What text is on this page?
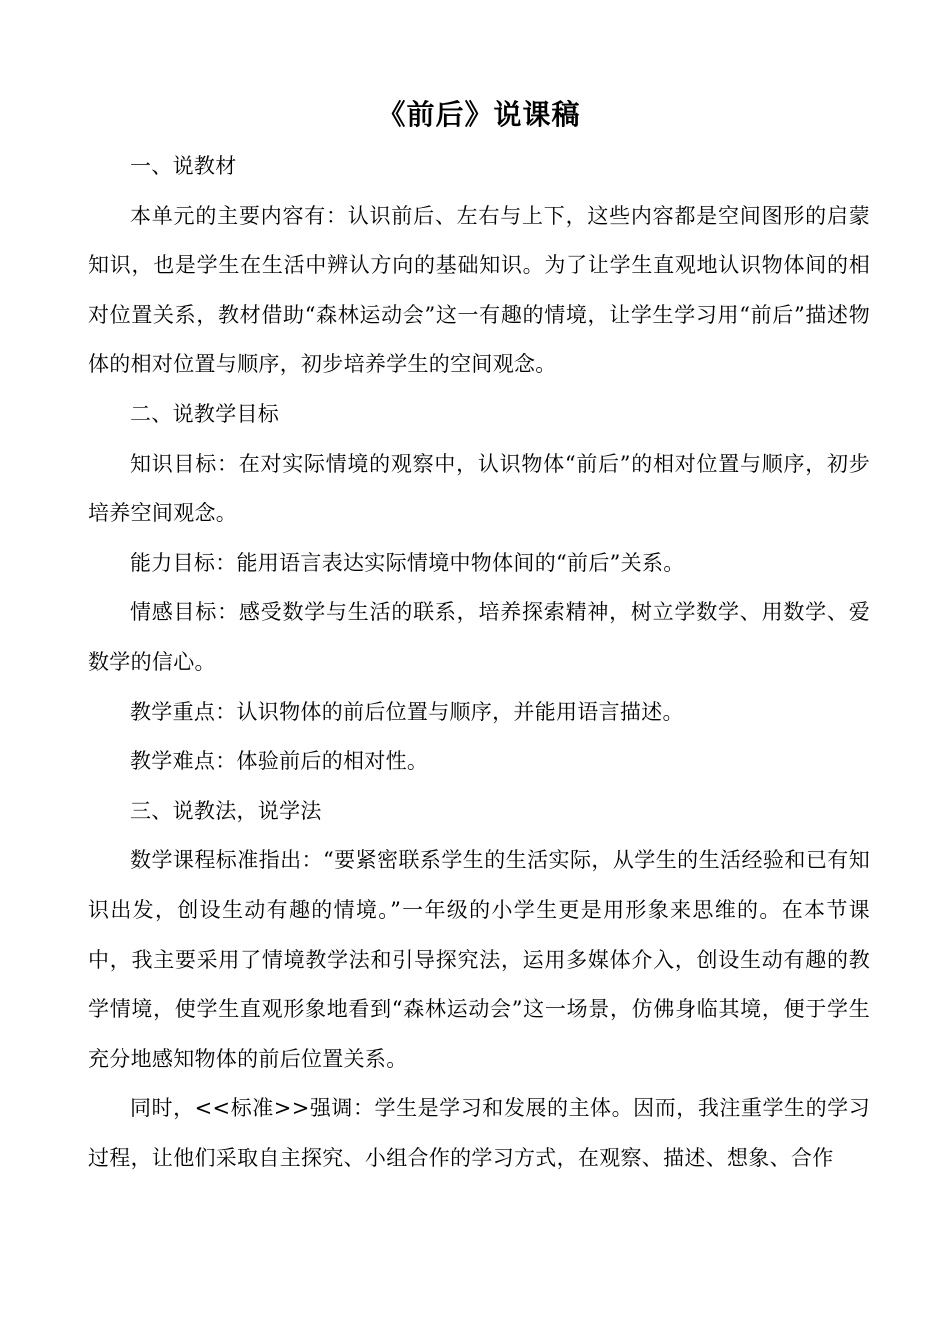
《前后》说课稿

一、说教材

本单元的主要内容有：认识前后、左右与上下，这些内容都是空间图形的启蒙知识，也是学生在生活中辨认方向的基础知识。为了让学生直观地认识物体间的相对位置关系，教材借助“森林运动会”这一有趣的情境，让学生学习用“前后”描述物体的相对位置与顺序，初步培养学生的空间观念。

二、说教学目标

知识目标：在对实际情境的观察中，认识物体“前后”的相对位置与顺序，初步培养空间观念。

能力目标：能用语言表达实际情境中物体间的“前后”关系。

情感目标：感受数学与生活的联系，培养探索精神，树立学数学、用数学、爱数学的信心。

教学重点：认识物体的前后位置与顺序，并能用语言描述。

教学难点：体验前后的相对性。

三、说教法，说学法

数学课程标准指出：“要紧密联系学生的生活实际，从学生的生活经验和已有知识出发，创设生动有趣的情境。”一年级的小学生更是用形象来思维的。在本节课中，我主要采用了情境教学法和引导探究法，运用多媒体介入，创设生动有趣的教学情境，使学生直观形象地看到“森林运动会”这一场景，仿佛身临其境，便于学生充分地感知物体的前后位置关系。

同时，<<标准>>强调：学生是学习和发展的主体。因而，我注重学生的学习过程，让他们采取自主探究、小组合作的学习方式，在观察、描述、想象、合作
